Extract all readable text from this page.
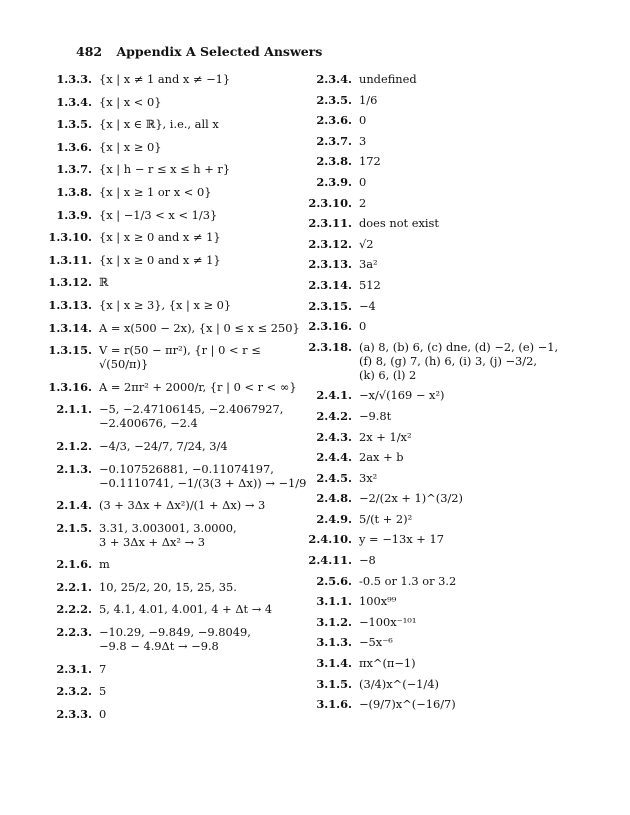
482 Appendix A Selected Answers
1.3.3. {x | x ≠ 1 and x ≠ −1}
1.3.4. {x | x < 0}
1.3.5. {x | x ∈ ℝ}, i.e., all x
1.3.6. {x | x ≥ 0}
1.3.7. {x | h − r ≤ x ≤ h + r}
1.3.8. {x | x ≥ 1 or x < 0}
1.3.9. {x | −1/3 < x < 1/3}
1.3.10. {x | x ≥ 0 and x ≠ 1}
1.3.11. {x | x ≥ 0 and x ≠ 1}
1.3.12. ℝ
1.3.13. {x | x ≥ 3}, {x | x ≥ 0}
1.3.14. A = x(500 − 2x), {x | 0 ≤ x ≤ 250}
1.3.15. V = r(50 − πr²), {r | 0 < r ≤
√(50/π)}
1.3.16. A = 2πr² + 2000/r, {r | 0 < r < ∞}
2.1.1. −5, −2.47106145, −2.4067927,
−2.400676, −2.4
2.1.2. −4/3, −24/7, 7/24, 3/4
2.1.3. −0.107526881, −0.11074197,
−0.1110741, −1/(3(3 + Δx)) → −1/9
2.1.4. (3 + 3Δx + Δx²)/(1 + Δx) → 3
2.1.5. 3.31, 3.003001, 3.0000,
3 + 3Δx + Δx² → 3
2.1.6. m
2.2.1. 10, 25/2, 20, 15, 25, 35.
2.2.2. 5, 4.1, 4.01, 4.001, 4 + Δt → 4
2.2.3. −10.29, −9.849, −9.8049,
−9.8 − 4.9Δt → −9.8
2.3.1. 7
2.3.2. 5
2.3.3. 0
2.3.4. undefined
2.3.5. 1/6
2.3.6. 0
2.3.7. 3
2.3.8. 172
2.3.9. 0
2.3.10. 2
2.3.11. does not exist
2.3.12. √2
2.3.13. 3a²
2.3.14. 512
2.3.15. −4
2.3.16. 0
2.3.18. (a) 8, (b) 6, (c) dne, (d) −2, (e) −1,
(f) 8, (g) 7, (h) 6, (i) 3, (j) −3/2,
(k) 6, (l) 2
2.4.1. −x/√(169 − x²)
2.4.2. −9.8t
2.4.3. 2x + 1/x²
2.4.4. 2ax + b
2.4.5. 3x²
2.4.8. −2/(2x + 1)^(3/2)
2.4.9. 5/(t + 2)²
2.4.10. y = −13x + 17
2.4.11. −8
2.5.6. -0.5 or 1.3 or 3.2
3.1.1. 100x⁹⁹
3.1.2. −100x⁻¹⁰¹
3.1.3. −5x⁻⁶
3.1.4. πx^(π−1)
3.1.5. (3/4)x^(−1/4)
3.1.6. −(9/7)x^(−16/7)
